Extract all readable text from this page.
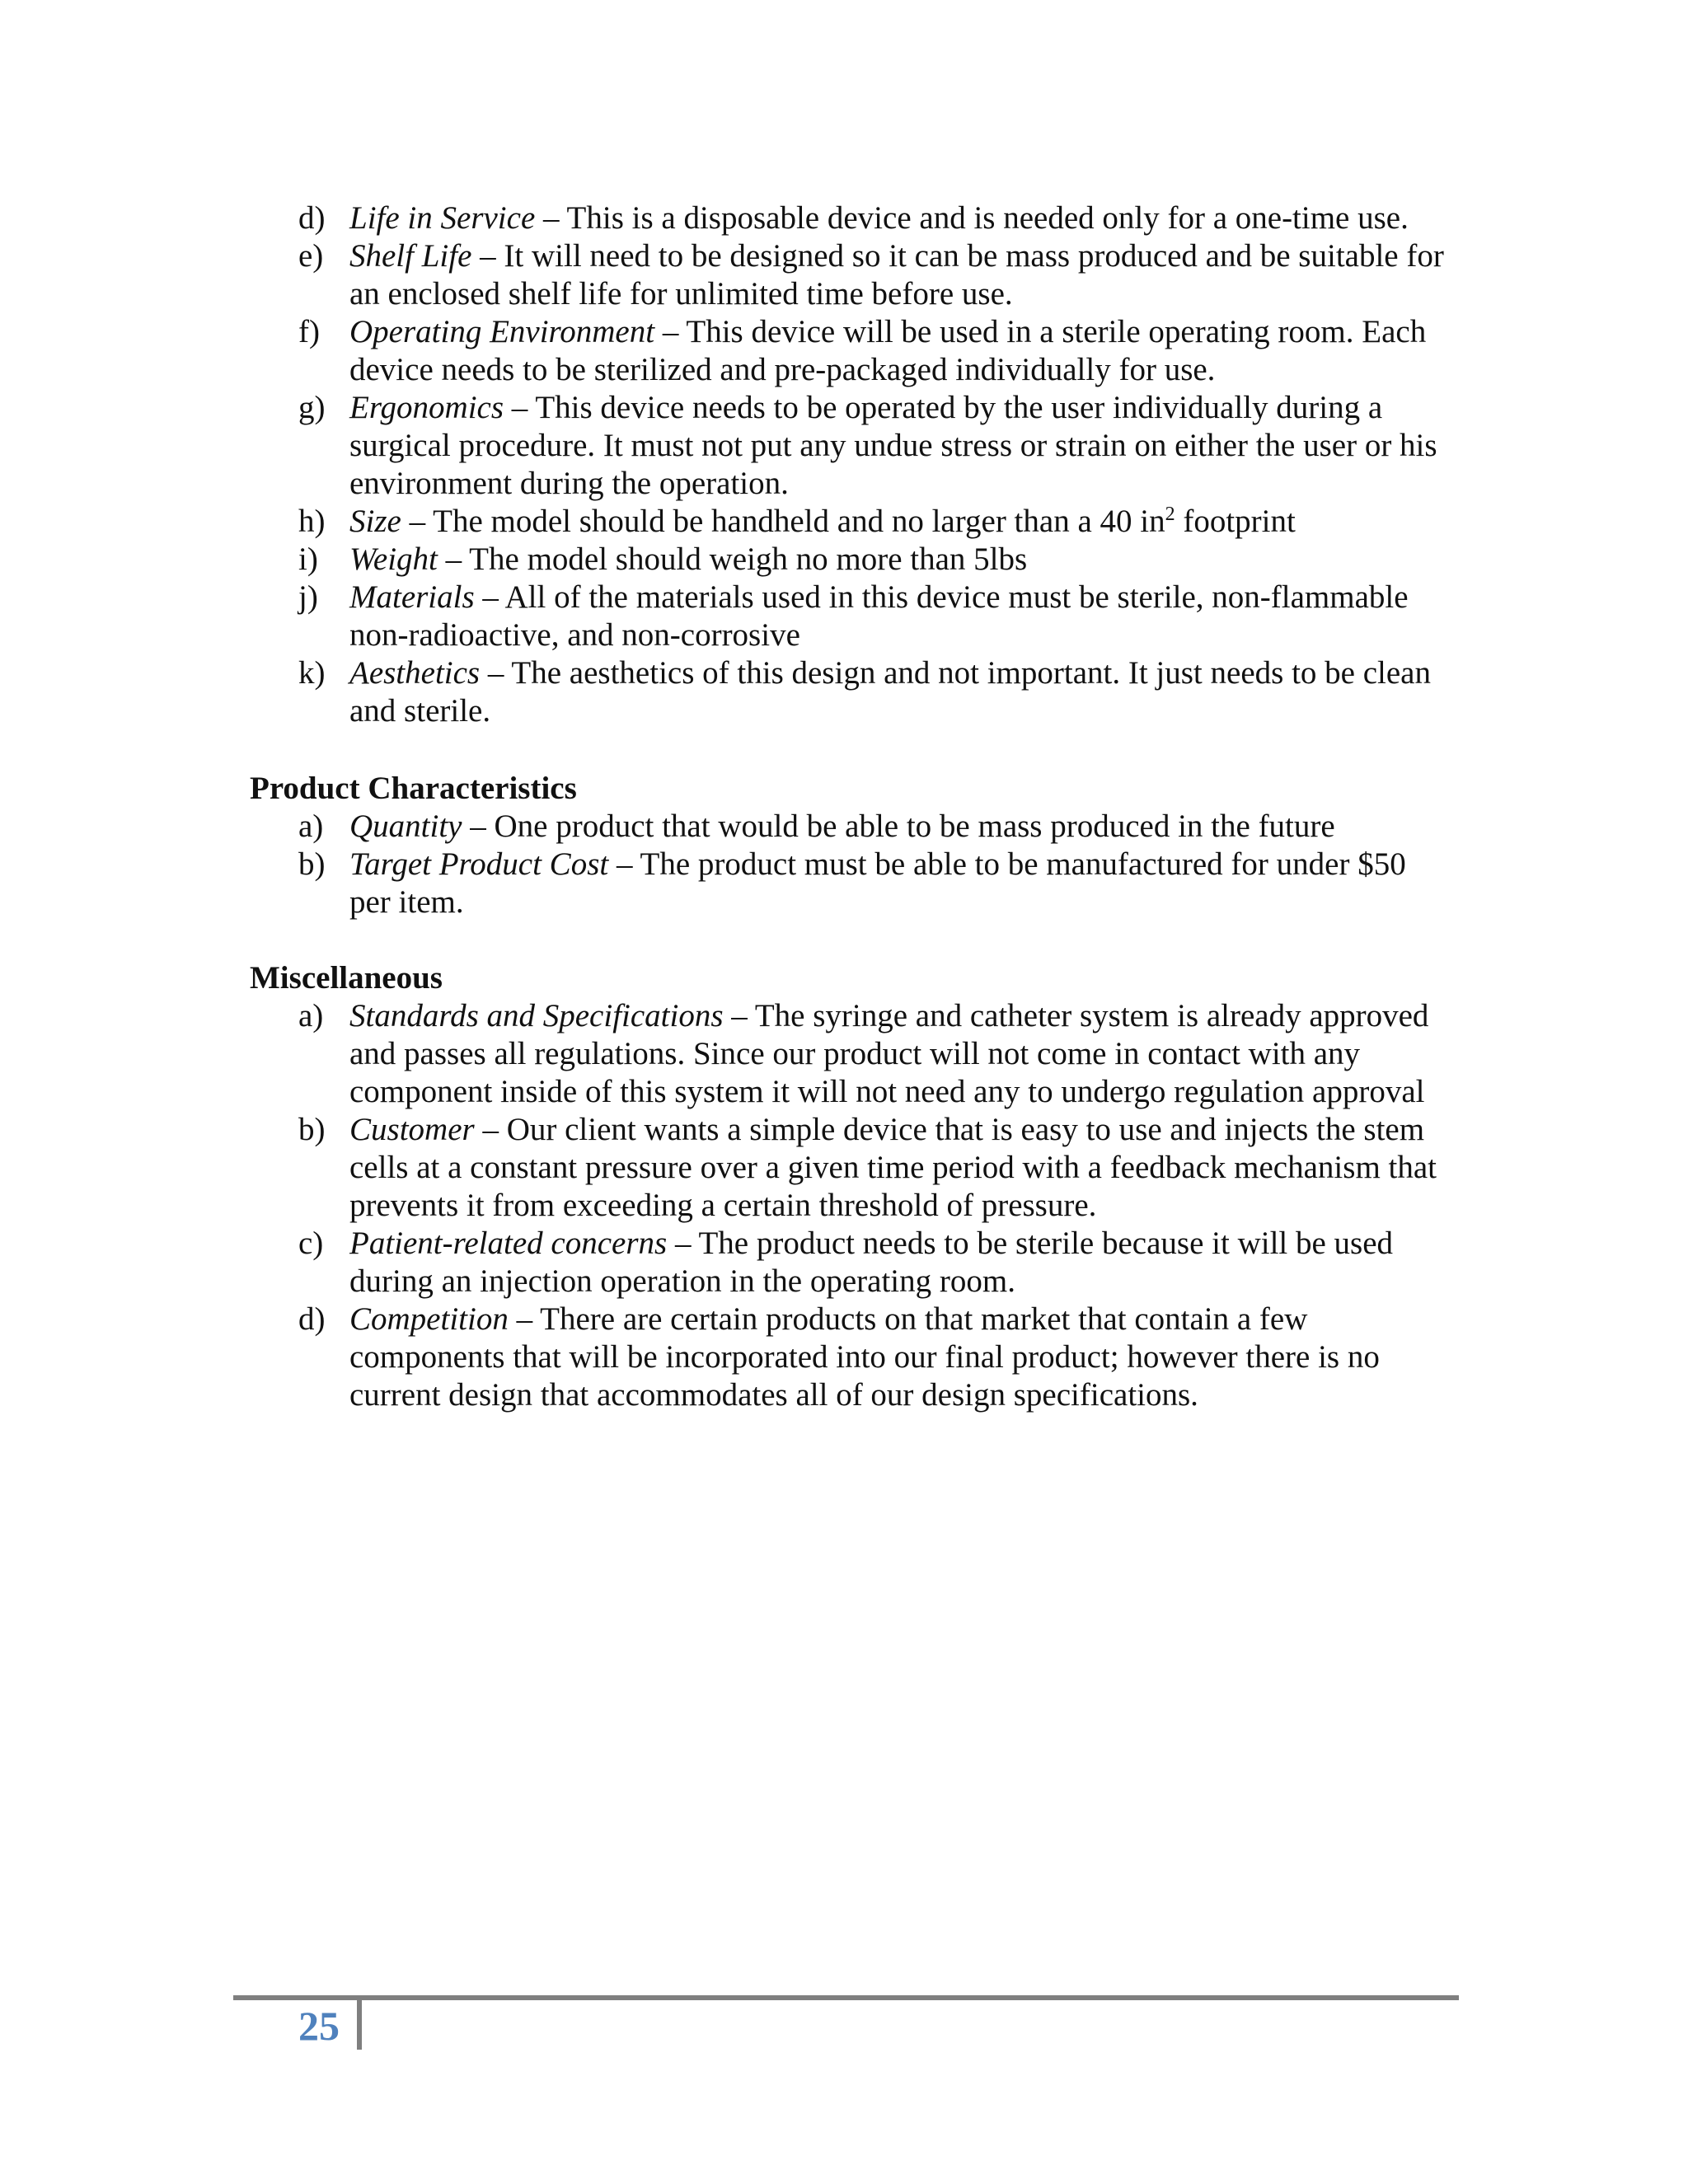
d) Life in Service – This is a disposable device and is needed only for a one-time use.
e) Shelf Life – It will need to be designed so it can be mass produced and be suitable for an enclosed shelf life for unlimited time before use.
f) Operating Environment – This device will be used in a sterile operating room. Each device needs to be sterilized and pre-packaged individually for use.
g) Ergonomics – This device needs to be operated by the user individually during a surgical procedure. It must not put any undue stress or strain on either the user or his environment during the operation.
h) Size – The model should be handheld and no larger than a 40 $in^2$ footprint
i) Weight – The model should weigh no more than 5lbs
j) Materials – All of the materials used in this device must be sterile, non-flammable non-radioactive, and non-corrosive
k) Aesthetics – The aesthetics of this design and not important. It just needs to be clean and sterile.
Product Characteristics
a) Quantity – One product that would be able to be mass produced in the future
b) Target Product Cost – The product must be able to be manufactured for under $50 per item.
Miscellaneous
a) Standards and Specifications – The syringe and catheter system is already approved and passes all regulations. Since our product will not come in contact with any component inside of this system it will not need any to undergo regulation approval
b) Customer – Our client wants a simple device that is easy to use and injects the stem cells at a constant pressure over a given time period with a feedback mechanism that prevents it from exceeding a certain threshold of pressure.
c) Patient-related concerns – The product needs to be sterile because it will be used during an injection operation in the operating room.
d) Competition – There are certain products on that market that contain a few components that will be incorporated into our final product; however there is no current design that accommodates all of our design specifications.
25
